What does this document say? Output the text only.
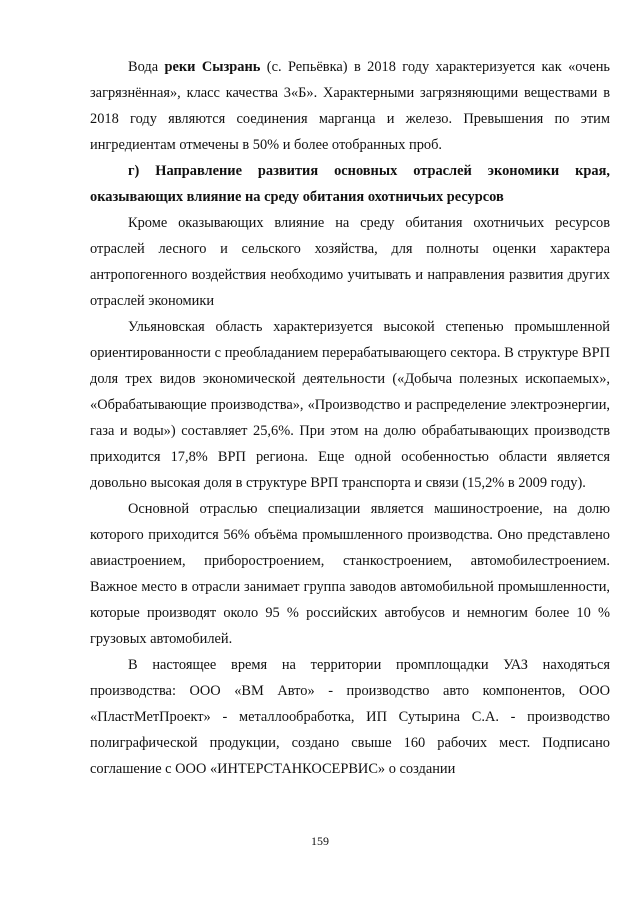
Вода реки Сызрань (с. Репьёвка) в 2018 году характеризуется как «очень загрязнённая», класс качества 3«Б». Характерными загрязняющими веществами в 2018 году являются соединения марганца и железо. Превышения по этим ингредиентам отмечены в 50% и более отобранных проб.

г) Направление развития основных отраслей экономики края, оказывающих влияние на среду обитания охотничьих ресурсов

Кроме оказывающих влияние на среду обитания охотничьих ресурсов отраслей лесного и сельского хозяйства, для полноты оценки характера антропогенного воздействия необходимо учитывать и направления развития других отраслей экономики

Ульяновская область характеризуется высокой степенью промышленной ориентированности с преобладанием перерабатывающего сектора. В структуре ВРП доля трех видов экономической деятельности («Добыча полезных ископаемых», «Обрабатывающие производства», «Производство и распределение электроэнергии, газа и воды») составляет 25,6%. При этом на долю обрабатывающих производств приходится 17,8% ВРП региона. Еще одной особенностью области является довольно высокая доля в структуре ВРП транспорта и связи (15,2% в 2009 году).

Основной отраслью специализации является машиностроение, на долю которого приходится 56% объёма промышленного производства. Оно представлено авиастроением, приборостроением, станкостроением, автомобилестроением. Важное место в отрасли занимает группа заводов автомобильной промышленности, которые производят около 95 % российских автобусов и немногим более 10 % грузовых автомобилей.

В настоящее время на территории промплощадки УАЗ находяться производства: ООО «ВМ Авто» - производство авто компонентов, ООО «ПластМетПроект» - металлообработка, ИП Сутырина С.А. - производство полиграфической продукции, создано свыше 160 рабочих мест. Подписано соглашение с ООО «ИНТЕРСТАНКОСЕРВИС» о создании

159
